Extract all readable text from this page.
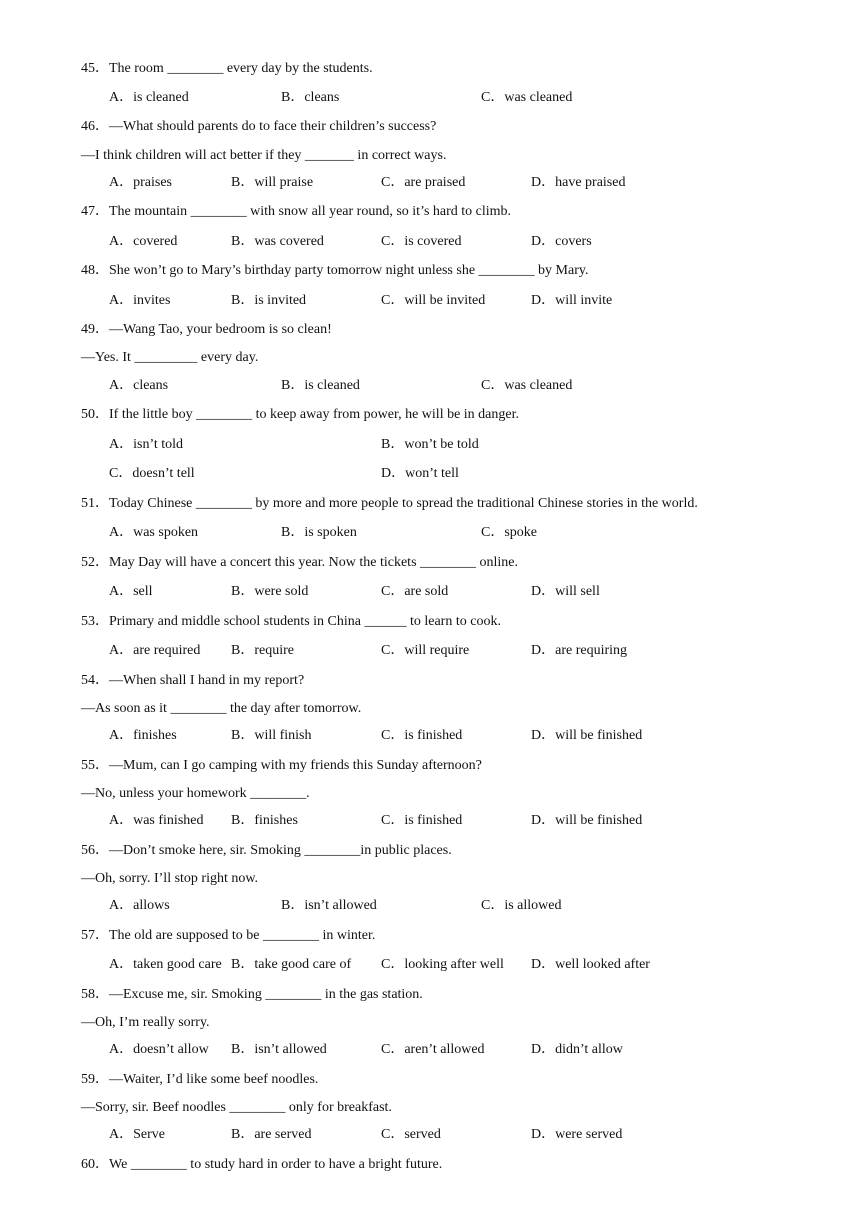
45．The room ________ every day by the students.
A．is cleaned	B．cleans	C．was cleaned
46．—What should parents do to face their children’s success?
—I think children will act better if they _______ in correct ways.
A．praises	B．will praise	C．are praised	D．have praised
47．The mountain ________ with snow all year round, so it’s hard to climb.
A．covered	B．was covered	C．is covered	D．covers
48．She won’t go to Mary’s birthday party tomorrow night unless she ________ by Mary.
A．invites	B．is invited	C．will be invited	D．will invite
49．—Wang Tao, your bedroom is so clean!
—Yes. It _________ every day.
A．cleans	B．is cleaned	C．was cleaned
50．If the little boy ________ to keep away from power, he will be in danger.
A．isn’t told	B．won’t be told
C．doesn’t tell	D．won’t tell
51．Today Chinese ________ by more and more people to spread the traditional Chinese stories in the world.
A．was spoken	B．is spoken	C．spoke
52．May Day will have a concert this year. Now the tickets ________ online.
A．sell	B．were sold	C．are sold	D．will sell
53．Primary and middle school students in China ______ to learn to cook.
A．are required B．require	C．will require	D．are requiring
54．—When shall I hand in my report?
—As soon as it ________ the day after tomorrow.
A．finishes	B．will finish	C．is finished	D．will be finished
55．—Mum, can I go camping with my friends this Sunday afternoon?
—No, unless your homework ________.
A．was finished B．finishes	C．is finished	D．will be finished
56．—Don’t smoke here, sir. Smoking ________in public places.
—Oh, sorry. I’ll stop right now.
A．allows	B．isn’t allowed	C．is allowed
57．The old are supposed to be ________ in winter.
A．taken good care B．take good care of C．looking after well D．well looked after
58．—Excuse me, sir. Smoking ________ in the gas station.
—Oh, I’m really sorry.
A．doesn’t allow B．isn’t allowed	C．aren’t allowed	D．didn’t allow
59．—Waiter, I’d like some beef noodles.
—Sorry, sir. Beef noodles ________ only for breakfast.
A．Serve	B．are served	C．served	D．were served
60．We ________ to study hard in order to have a bright future.
